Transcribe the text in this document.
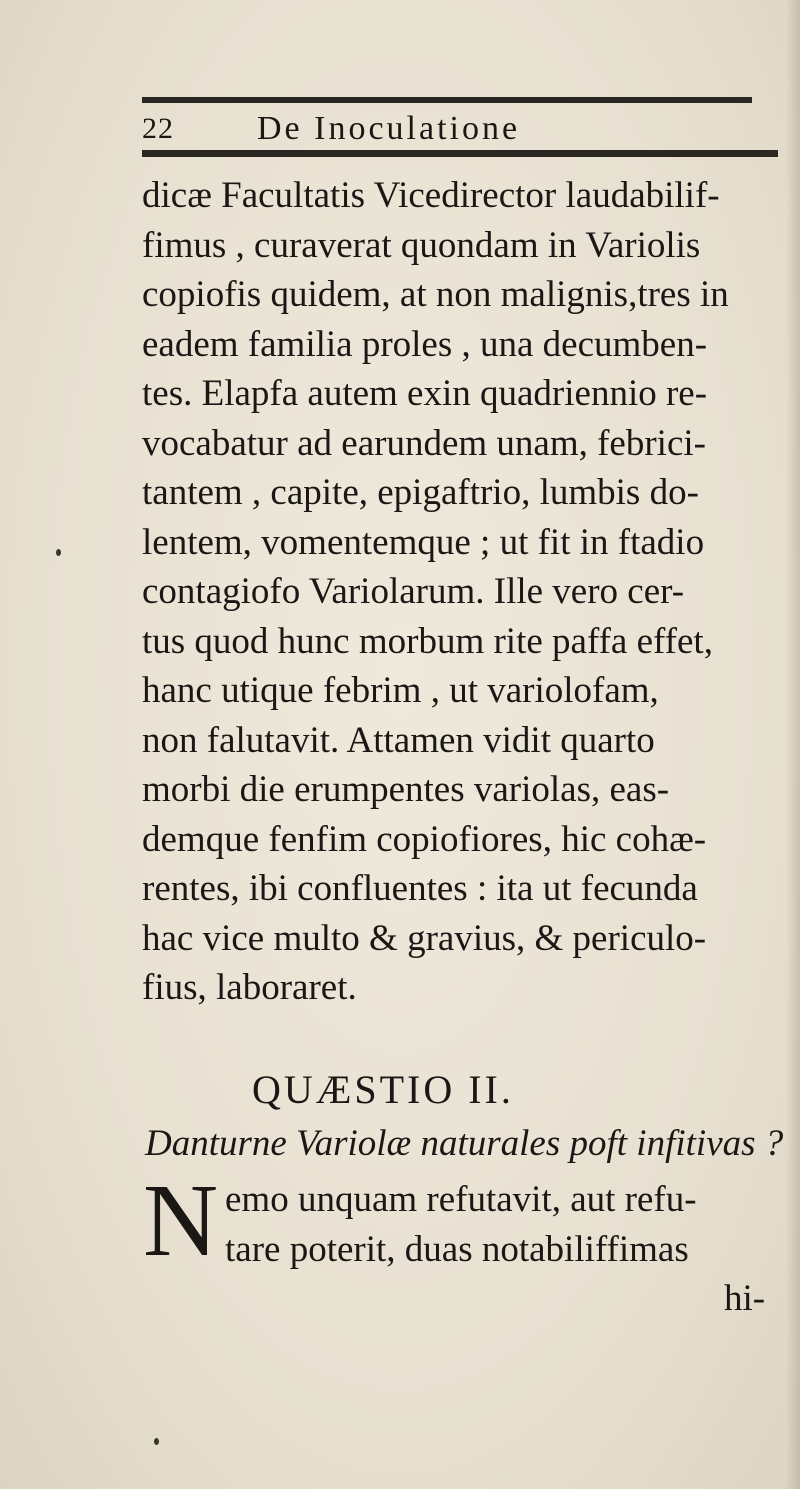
22 De Inoculatione
dicæ Facultatis Vicedirector laudabilif-
fimus , curaverat quondam in Variolis
copiofis quidem, at non malignis,tres in
eadem familia proles , una decumben-
tes. Elapfa autem exin quadriennio re-
vocabatur ad earundem unam, febrici-
tantem , capite, epigaftrio, lumbis do-
lentem, vomentemque ; ut fit in ftadio
contagiofo Variolarum. Ille vero cer-
tus quod hunc morbum rite paffa effet,
hanc utique febrim , ut variolofam,
non falutavit. Attamen vidit quarto
morbi die erumpentes variolas, eas-
demque fenfim copiofiores, hic cohæ-
rentes, ibi confluentes : ita ut fecunda
hac vice multo & gravius, & periculo-
fius, laboraret.
QUÆSTIO II.
Danturne Variolæ naturales poft infitivas ?
N emo unquam refutavit, aut refu-
tare poterit, duas notabiliffimas
hi-
